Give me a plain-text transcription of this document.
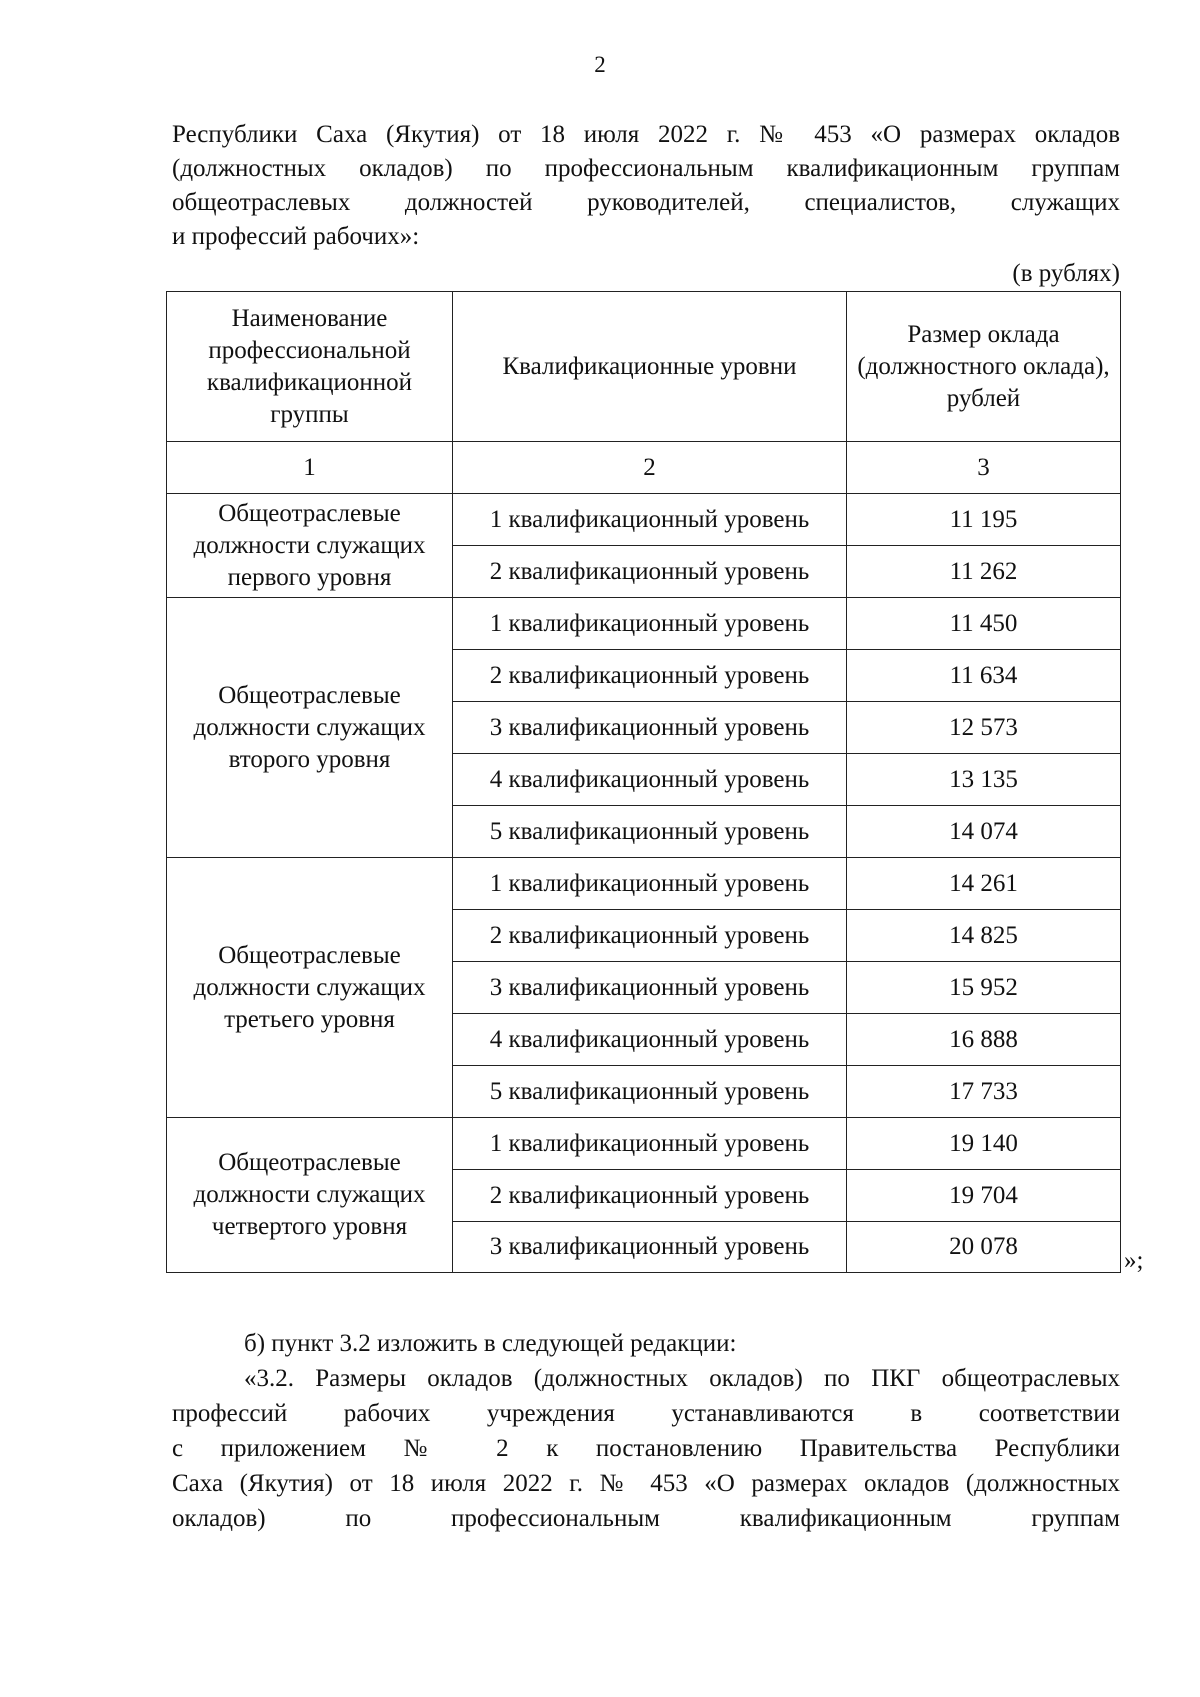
2

Республики Саха (Якутия) от 18 июля 2022 г. № 453 «О размерах окладов

(должностных окладов) по профессиональным квалификационным группам

общеотраслевых должностей руководителей, специалистов, служащих

и профессий рабочих»:

(в рублях)
Наименование профессиональной квалификационной группы	Квалификационные уровни	Размер оклада (должностного оклада), рублей
1	2	3
Общеотраслевые должности служащих первого уровня	1 квалификационный уровень	11 195
	2 квалификационный уровень	11 262
Общеотраслевые должности служащих второго уровня	1 квалификационный уровень	11 450
	2 квалификационный уровень	11 634
	3 квалификационный уровень	12 573
	4 квалификационный уровень	13 135
	5 квалификационный уровень	14 074
Общеотраслевые должности служащих третьего уровня	1 квалификационный уровень	14 261
	2 квалификационный уровень	14 825
	3 квалификационный уровень	15 952
	4 квалификационный уровень	16 888
	5 квалификационный уровень	17 733
Общеотраслевые должности служащих четвертого уровня	1 квалификационный уровень	19 140
	2 квалификационный уровень	19 704
	3 квалификационный уровень	20 078
»;

б) пункт 3.2 изложить в следующей редакции:

«3.2. Размеры окладов (должностных окладов) по ПКГ общеотраслевых

профессий рабочих учреждения устанавливаются в соответствии

с приложением № 2 к постановлению Правительства Республики

Саха (Якутия) от 18 июля 2022 г. № 453 «О размерах окладов (должностных

окладов) по профессиональным квалификационным группам
